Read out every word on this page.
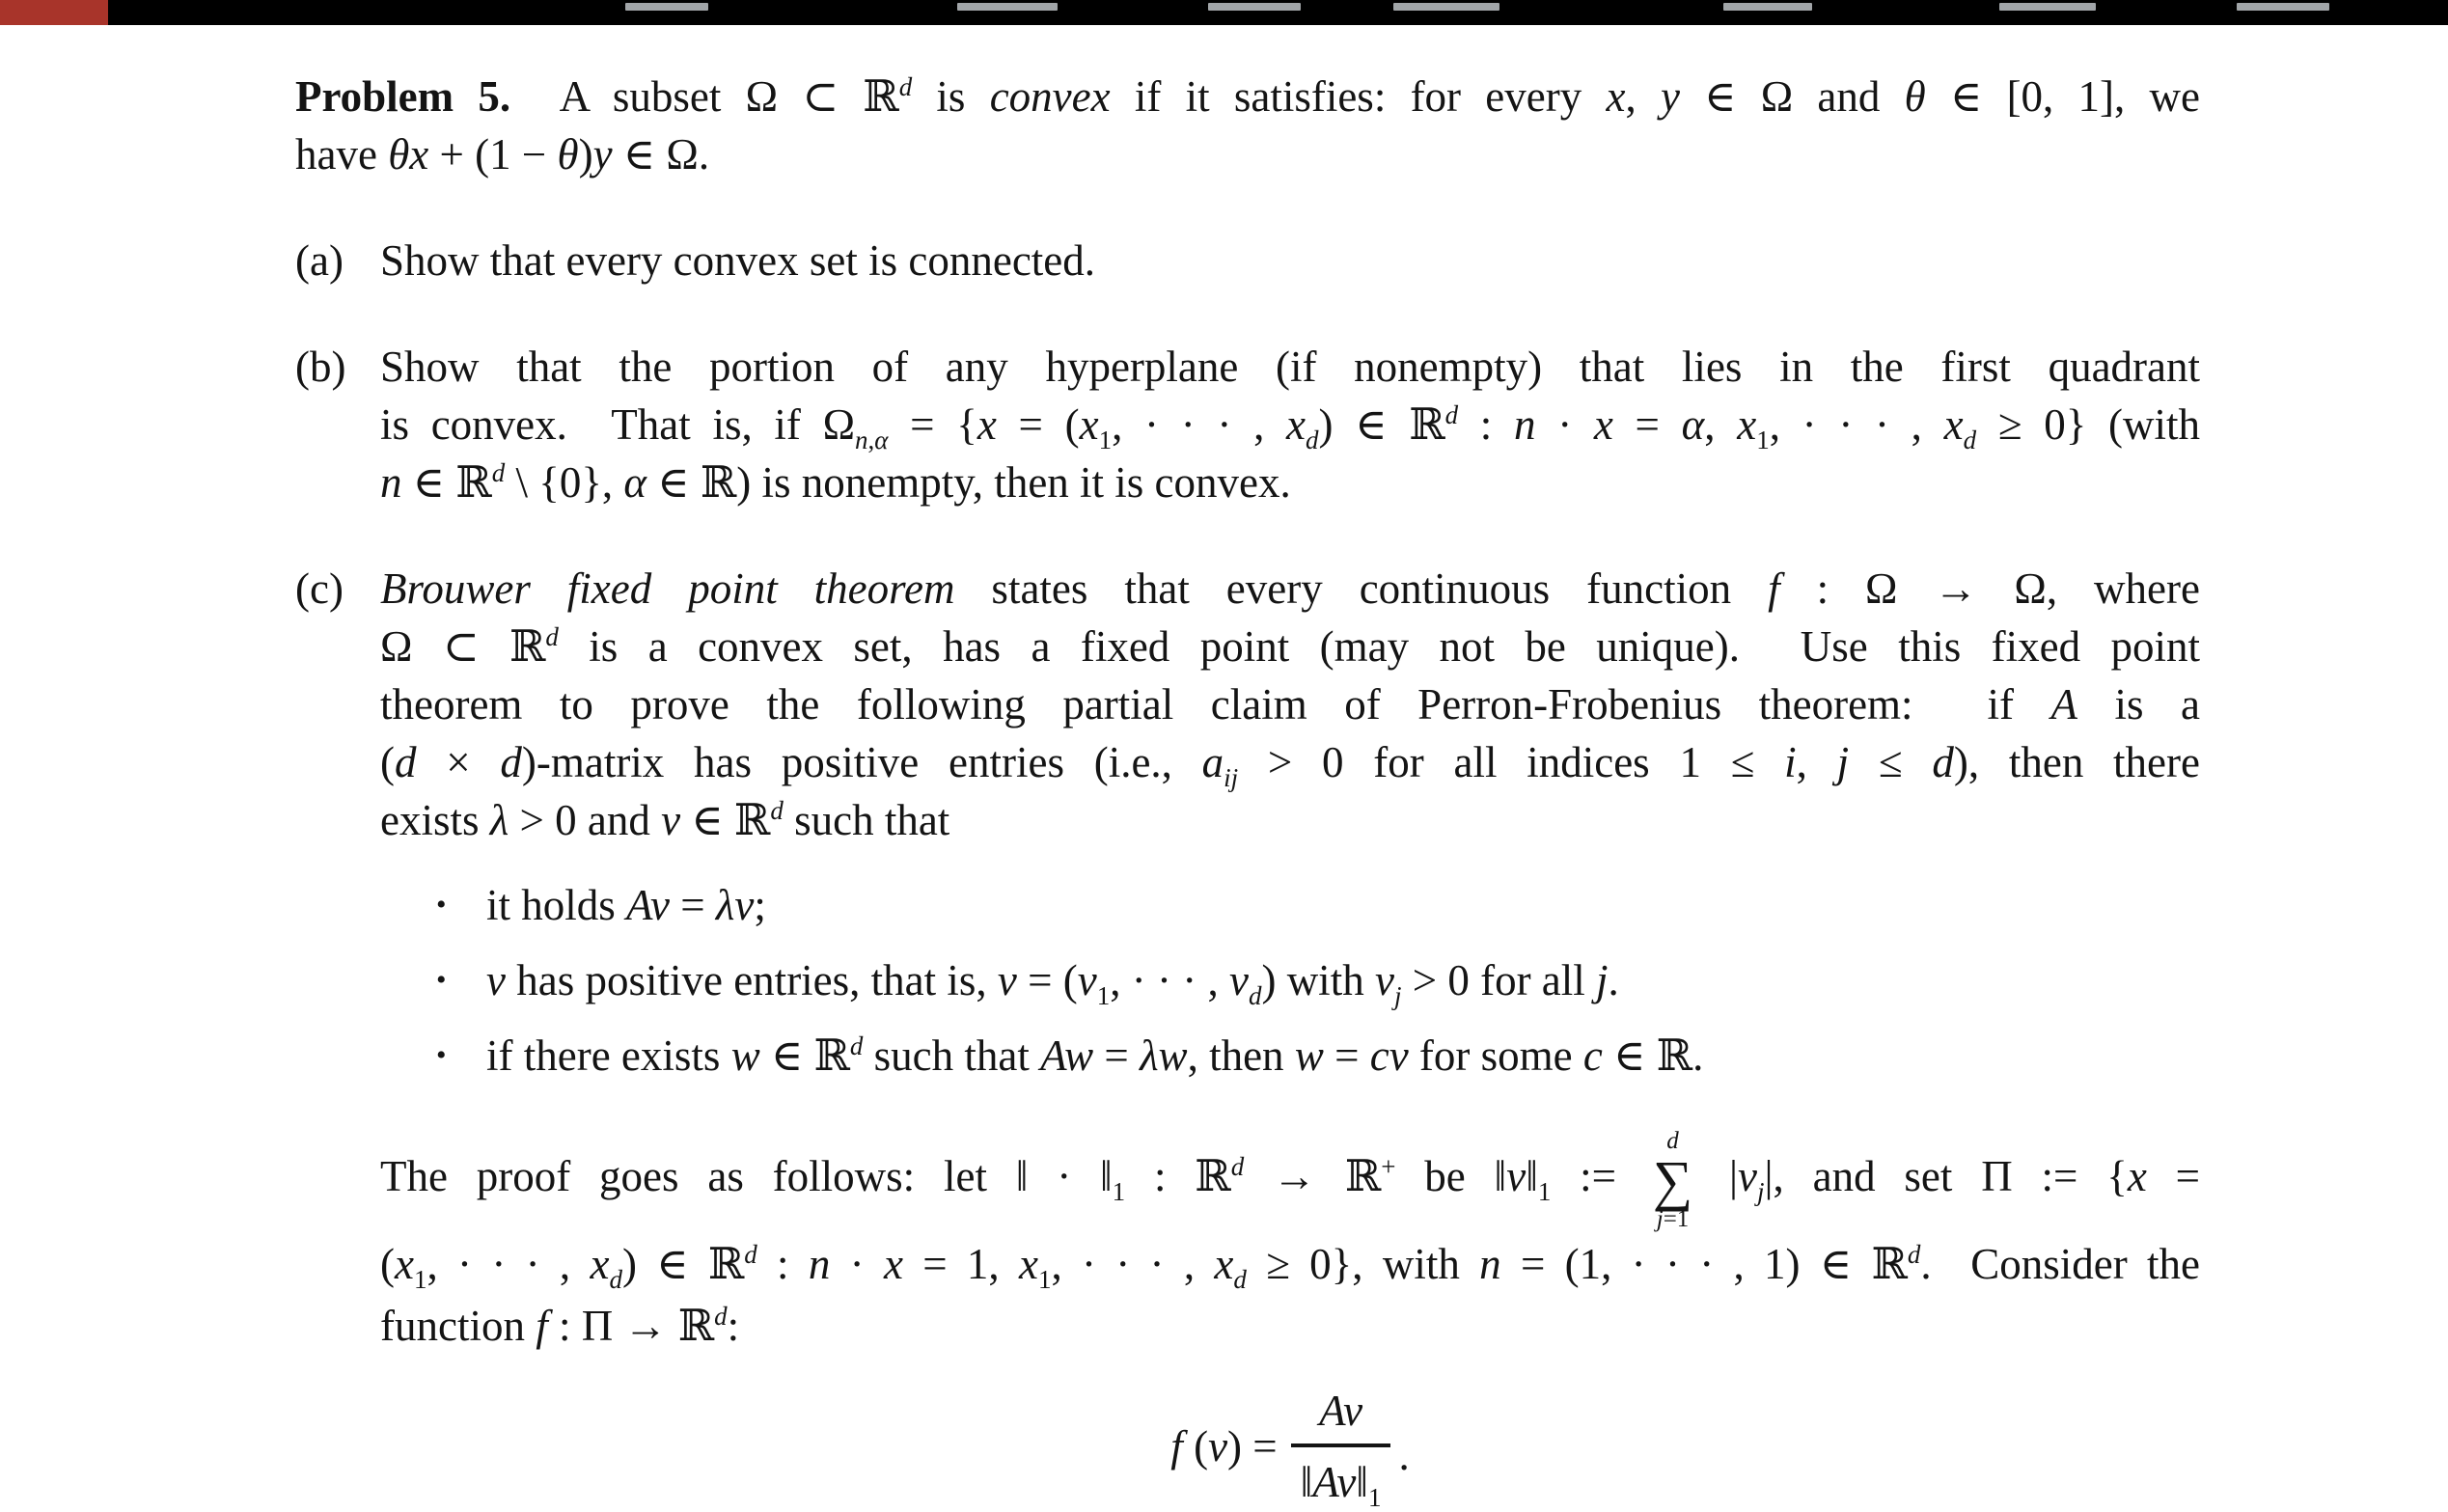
Problem 5.  A subset Ω ⊂ ℝ$^d$ is convex if it satisfies: for every x, y ∈ Ω and θ ∈ [0, 1], we
have θx + (1 − θ)y ∈ Ω.
(a) Show that every convex set is connected.
(b) Show that the portion of any hyperplane (if nonempty) that lies in the first quadrant
is convex.  That is, if $\Omega_{n,\alpha} = \{x = (x_1$, · · · , $x_d$) ∈ ℝ$^d$ : n · x = α, $x_1$, · · · , $x_d \ge 0$} (with
n ∈ ℝ$^d$ \ {0}, α ∈ ℝ) is nonempty, then it is convex.
(c) Brouwer fixed point theorem states that every continuous function f : Ω → Ω, where
Ω ⊂ ℝ$^d$ is a convex set, has a fixed point (may not be unique).  Use this fixed point
theorem to prove the following partial claim of Perron-Frobenius theorem:  if A is a
(d × d)-matrix has positive entries (i.e., $a_{ij} > 0$ for all indices 1 ≤ i, j ≤ d), then there
exists λ > 0 and v ∈ ℝ$^d$ such that
• it holds Av = λv;
• v has positive entries, that is, $v = (v_1$, · · · , $v_d$) with $v_j > 0$ for all j.
• if there exists w ∈ ℝ$^d$ such that Aw = λw, then w = cv for some c ∈ ℝ.
The proof goes as follows: let ‖ · $‖_1$ : ℝ$^d$ → ℝ+ be $‖v‖_1$ :=
d
∑
j=1
$|v_j|$, and set Π := {x =
($x_1$, · · · , $x_d$) ∈ ℝ$^d$ : n · x = 1, $x_1$, · · · , $x_d \ge 0$}, with n = (1, · · · , 1) ∈ ℝ$^d$.  Consider the
function f : Π → ℝ$^d$:
f $(v) = \frac{Av}{‖Av‖_1}$ .
